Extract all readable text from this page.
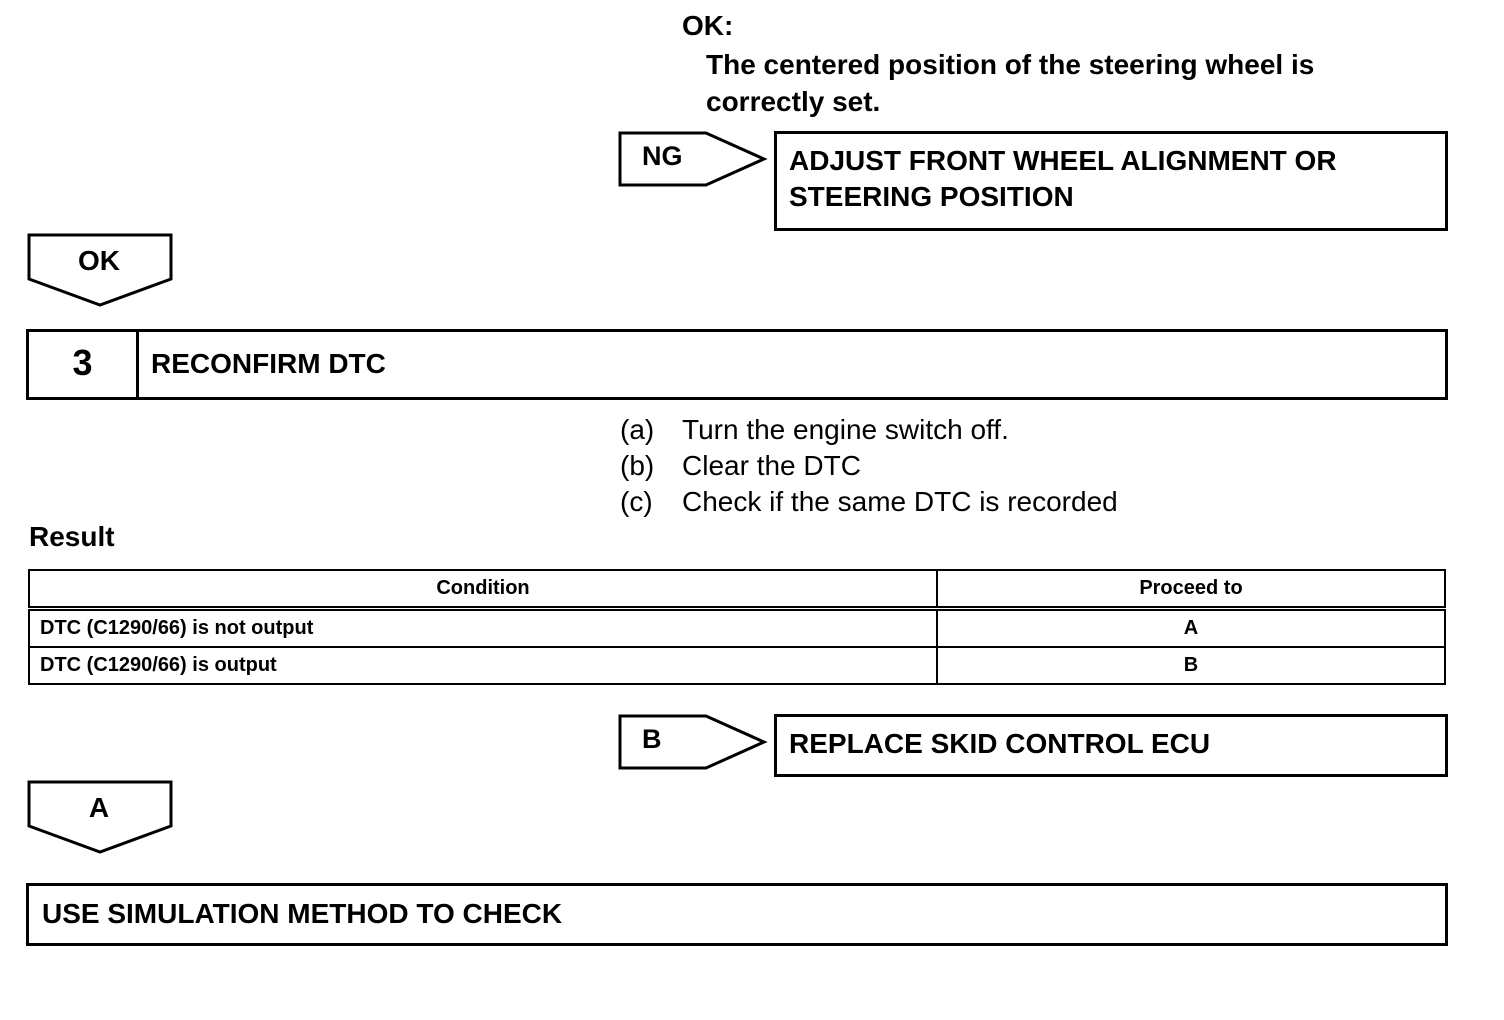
OK:
The centered position of the steering wheel is correctly set.
NG	ADJUST FRONT WHEEL ALIGNMENT OR
STEERING POSITION
OK
3	RECONFIRM DTC
(a) Turn the engine switch off.
(b) Clear the DTC
(c)	Check if the same DTC is recorded
Result
Condition	Proceed to
DTC (C1290/66) is not output	A
DTC (C1290/66) is output	B
B	REPLACE SKID CONTROL ECU
A
USE SIMULATION METHOD TO CHECK
